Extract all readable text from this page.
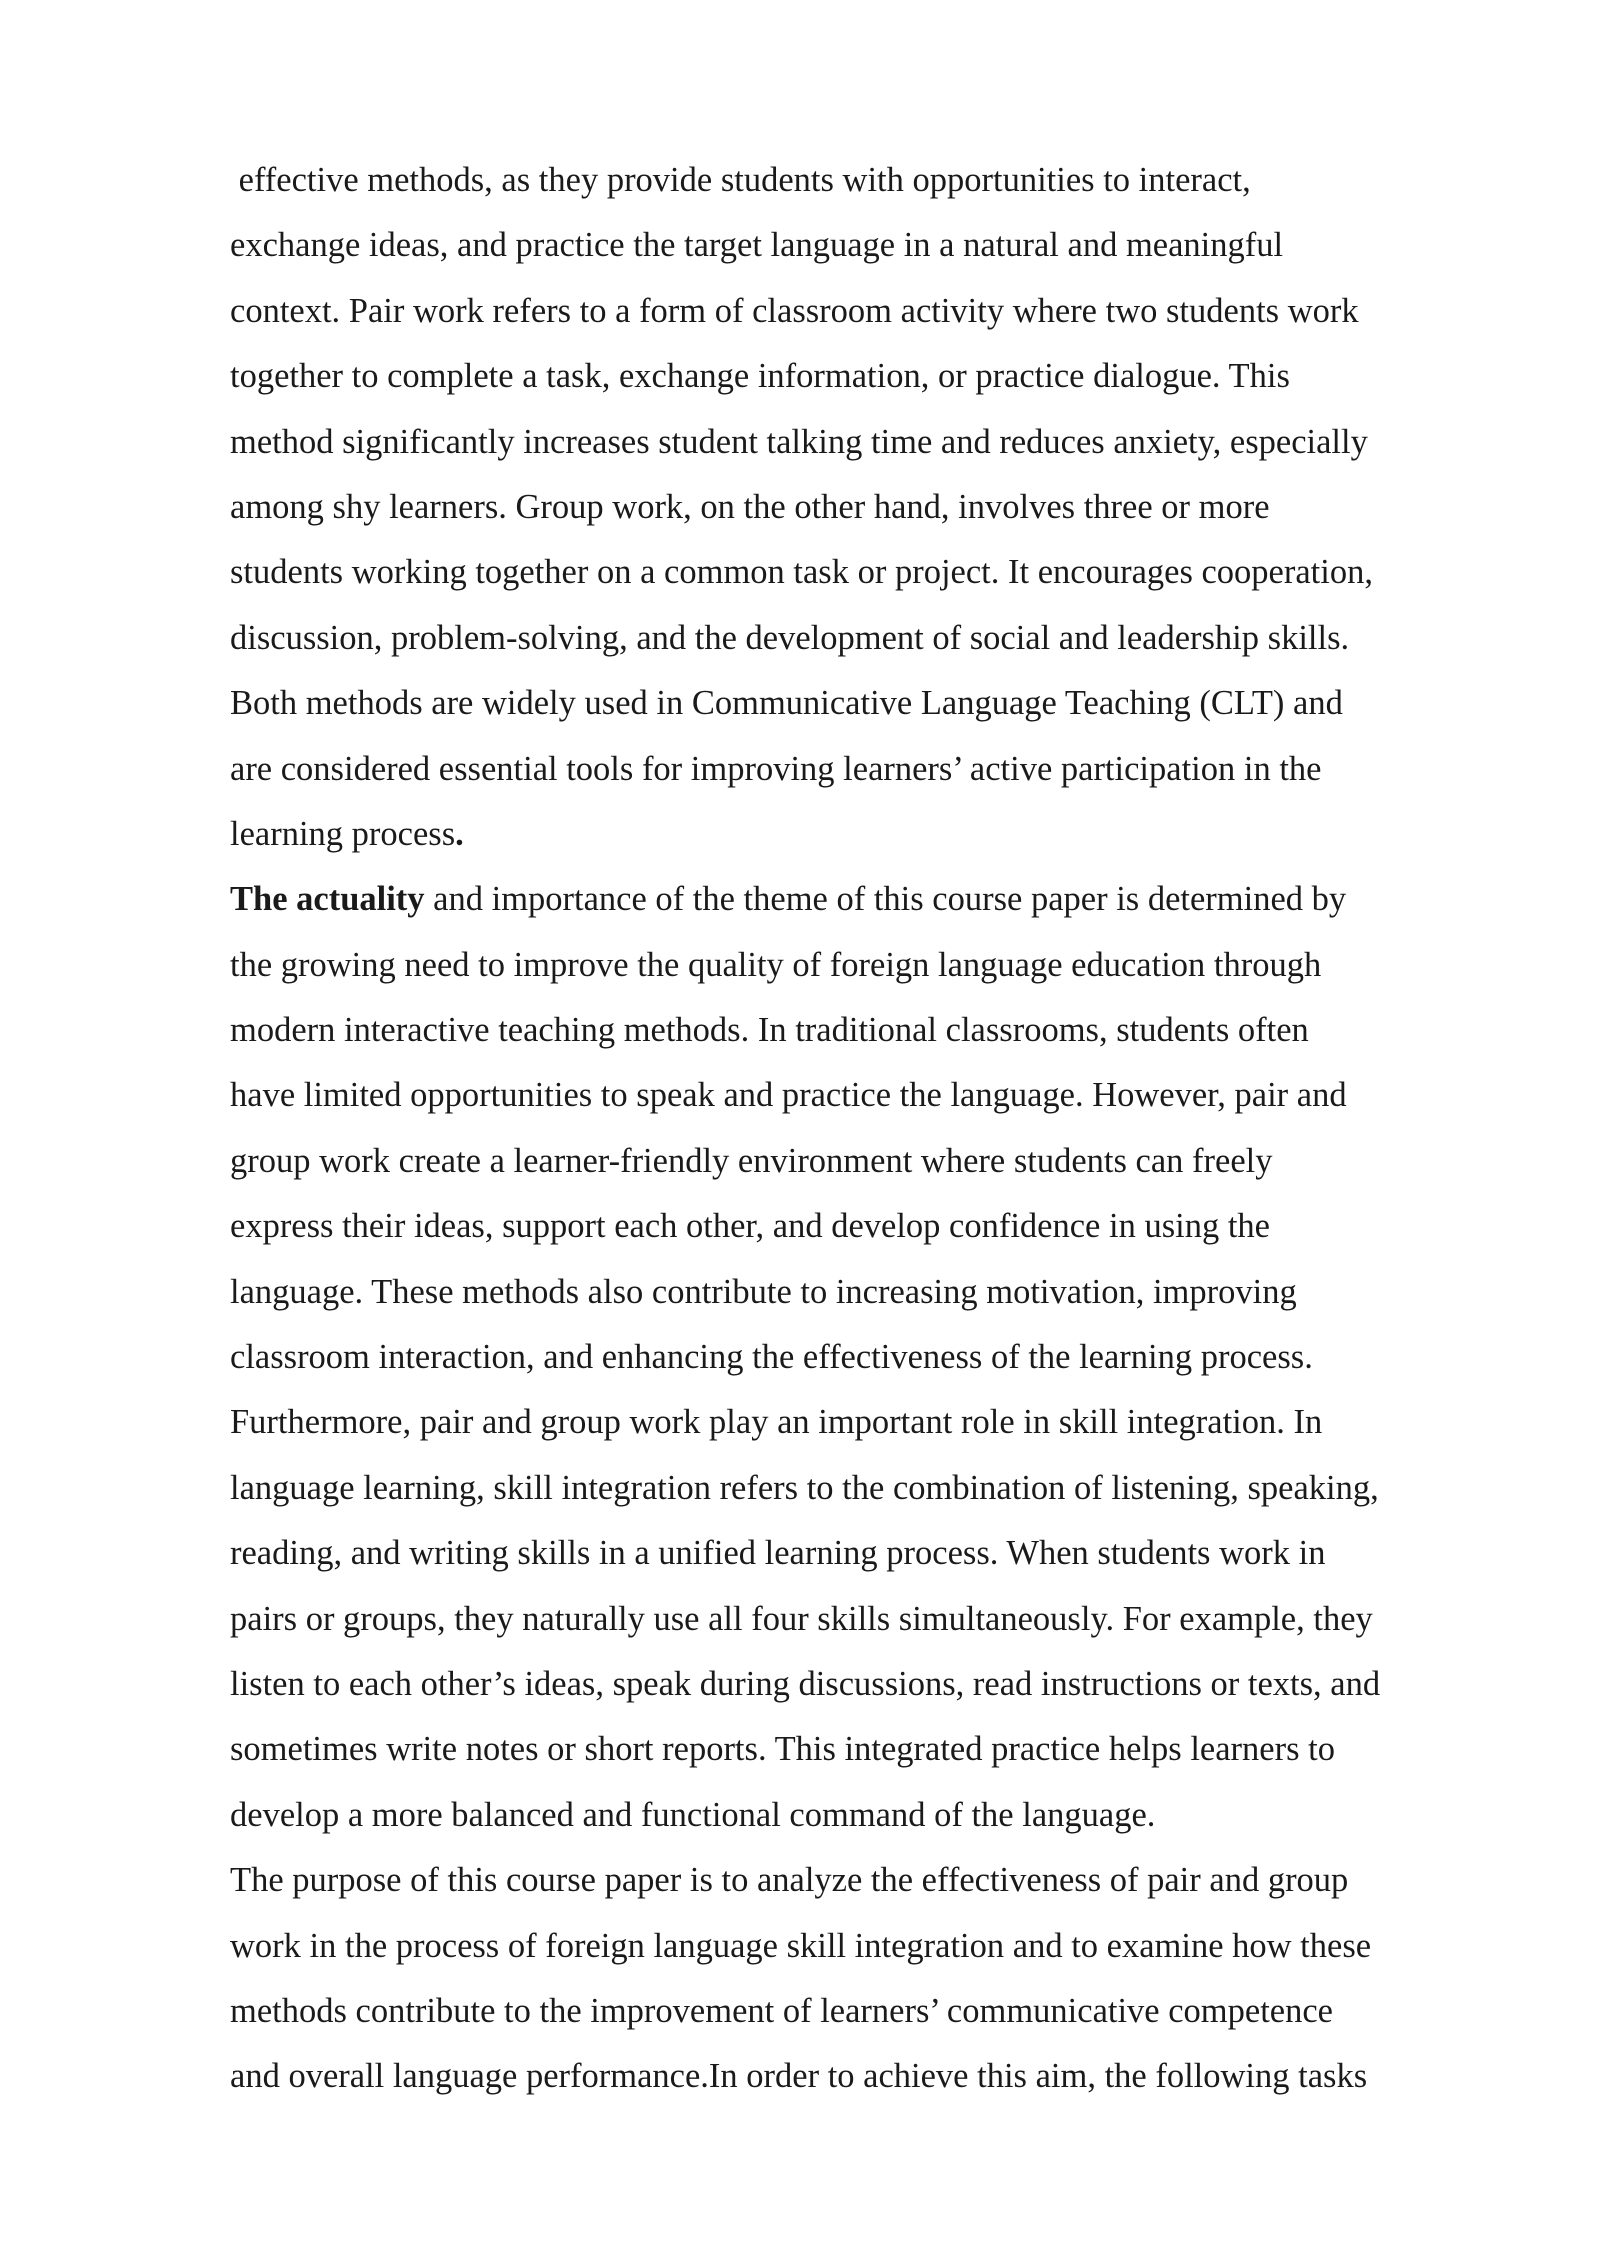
effective methods, as they provide students with opportunities to interact,
exchange ideas, and practice the target language in a natural and meaningful
context. Pair work refers to a form of classroom activity where two students work
together to complete a task, exchange information, or practice dialogue. This
method significantly increases student talking time and reduces anxiety, especially
among shy learners. Group work, on the other hand, involves three or more
students working together on a common task or project. It encourages cooperation,
discussion, problem-solving, and the development of social and leadership skills.
Both methods are widely used in Communicative Language Teaching (CLT) and
are considered essential tools for improving learners’ active participation in the
learning process.
The actuality and importance of the theme of this course paper is determined by
the growing need to improve the quality of foreign language education through
modern interactive teaching methods. In traditional classrooms, students often
have limited opportunities to speak and practice the language. However, pair and
group work create a learner-friendly environment where students can freely
express their ideas, support each other, and develop confidence in using the
language. These methods also contribute to increasing motivation, improving
classroom interaction, and enhancing the effectiveness of the learning process.
Furthermore, pair and group work play an important role in skill integration. In
language learning, skill integration refers to the combination of listening, speaking,
reading, and writing skills in a unified learning process. When students work in
pairs or groups, they naturally use all four skills simultaneously. For example, they
listen to each other’s ideas, speak during discussions, read instructions or texts, and
sometimes write notes or short reports. This integrated practice helps learners to
develop a more balanced and functional command of the language.
The purpose of this course paper is to analyze the effectiveness of pair and group
work in the process of foreign language skill integration and to examine how these
methods contribute to the improvement of learners’ communicative competence
and overall language performance.In order to achieve this aim, the following tasks
